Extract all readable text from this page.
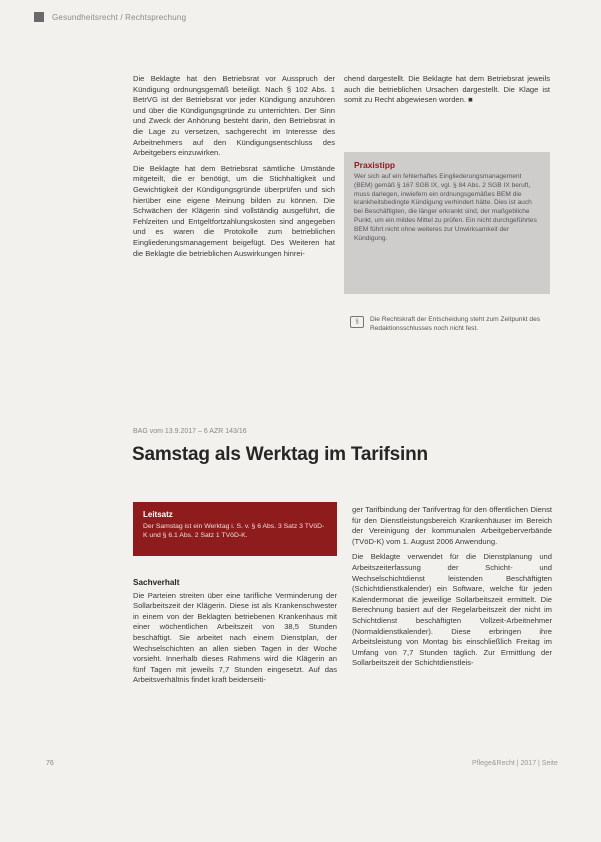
Gesundheitsrecht / Rechtsprechung

Die Beklagte hat den Betriebsrat vor Ausspruch der Kündigung ordnungsgemäß beteiligt. Nach § 102 Abs. 1 BetrVG ist der Betriebsrat vor jeder Kündigung anzuhören und über die Kündigungsgründe zu unterrichten. Der Sinn und Zweck der Anhörung besteht darin, den Betriebsrat in die Lage zu versetzen, sachgerecht im Interesse des Arbeitnehmers auf den Kündigungsentschluss des Arbeitgebers einzuwirken.

Die Beklagte hat dem Betriebsrat sämtliche Umstände mitgeteilt, die er benötigt, um die Stichhaltigkeit und Gewichtigkeit der Kündigungsgründe überprüfen und sich hierüber eine eigene Meinung bilden zu können. Die Schwächen der Klägerin sind vollständig ausgeführt, die Fehlzeiten und Entgeltfortzahlungskosten sind angegeben und es waren die Protokolle zum betrieblichen Eingliederungsmanagement beigefügt. Des Weiteren hat die Beklagte die betrieblichen Auswirkungen hinrei-

chend dargestellt. Die Beklagte hat dem Betriebsrat jeweils auch die betrieblichen Ursachen dargestellt. Die Klage ist somit zu Recht abgewiesen worden. ■

Praxistipp
Wer sich auf ein fehlerhaftes Eingliederungsmanagement (BEM) gemäß § 167 SGB IX, vgl. § 84 Abs. 2 SGB IX beruft, muss darlegen, inwiefern ein ordnungsgemäßes BEM die krankheitsbedingte Kündigung verhindert hätte. Dies ist auch bei Beschäftigten, die länger erkrankt sind, der maßgebliche Punkt, um ein mildes Mittel zu prüfen. Ein nicht durchgeführtes BEM führt nicht ohne weiteres zur Unwirksamkeit der Kündigung.
§	Die Rechtskraft der Entscheidung steht zum Zeitpunkt des Redaktionsschlusses noch nicht fest.
BAG vom 13.9.2017 – 6 AZR 143/16
Samstag als Werktag im Tarifsinn
Leitsatz
Der Samstag ist ein Werktag i. S. v. § 6 Abs. 3 Satz 3 TVöD-K und § 6.1 Abs. 2 Satz 1 TVöD-K.
Sachverhalt

Die Parteien streiten über eine tarifliche Verminderung der Sollarbeitszeit der Klägerin. Diese ist als Krankenschwester in einem von der Beklagten betriebenen Krankenhaus mit einer wöchentlichen Arbeitszeit von 38,5 Stunden beschäftigt. Sie arbeitet nach einem Dienstplan, der Wechselschichten an allen sieben Tagen in der Woche vorsieht. Innerhalb dieses Rahmens wird die Klägerin an fünf Tagen mit jeweils 7,7 Stunden eingesetzt. Auf das Arbeitsverhältnis findet kraft beiderseiti-

ger Tarifbindung der Tarifvertrag für den öffentlichen Dienst für den Dienstleistungsbereich Krankenhäuser im Bereich der Vereinigung der kommunalen Arbeitgeberverbände (TVöD-K) vom 1. August 2006 Anwendung.

Die Beklagte verwendet für die Dienstplanung und Arbeitszeiterfassung der Schicht- und Wechselschichtdienst leistenden Beschäftigten (Schichtdienstkalender) ein Software, welche für jeden Kalendermonat die jeweilige Sollarbeitszeit ermittelt. Die Berechnung basiert auf der Regelarbeitszeit der nicht im Schichtdienst beschäftigten Vollzeit-Arbeitnehmer (Normaldienstkalender). Diese erbringen ihre Arbeitsleistung von Montag bis einschließlich Freitag im Umfang von 7,7 Stunden täglich. Zur Ermittlung der Sollarbeitszeit der Schichtdienstleis-

76	Pflege&Recht | 2017 | Seite
